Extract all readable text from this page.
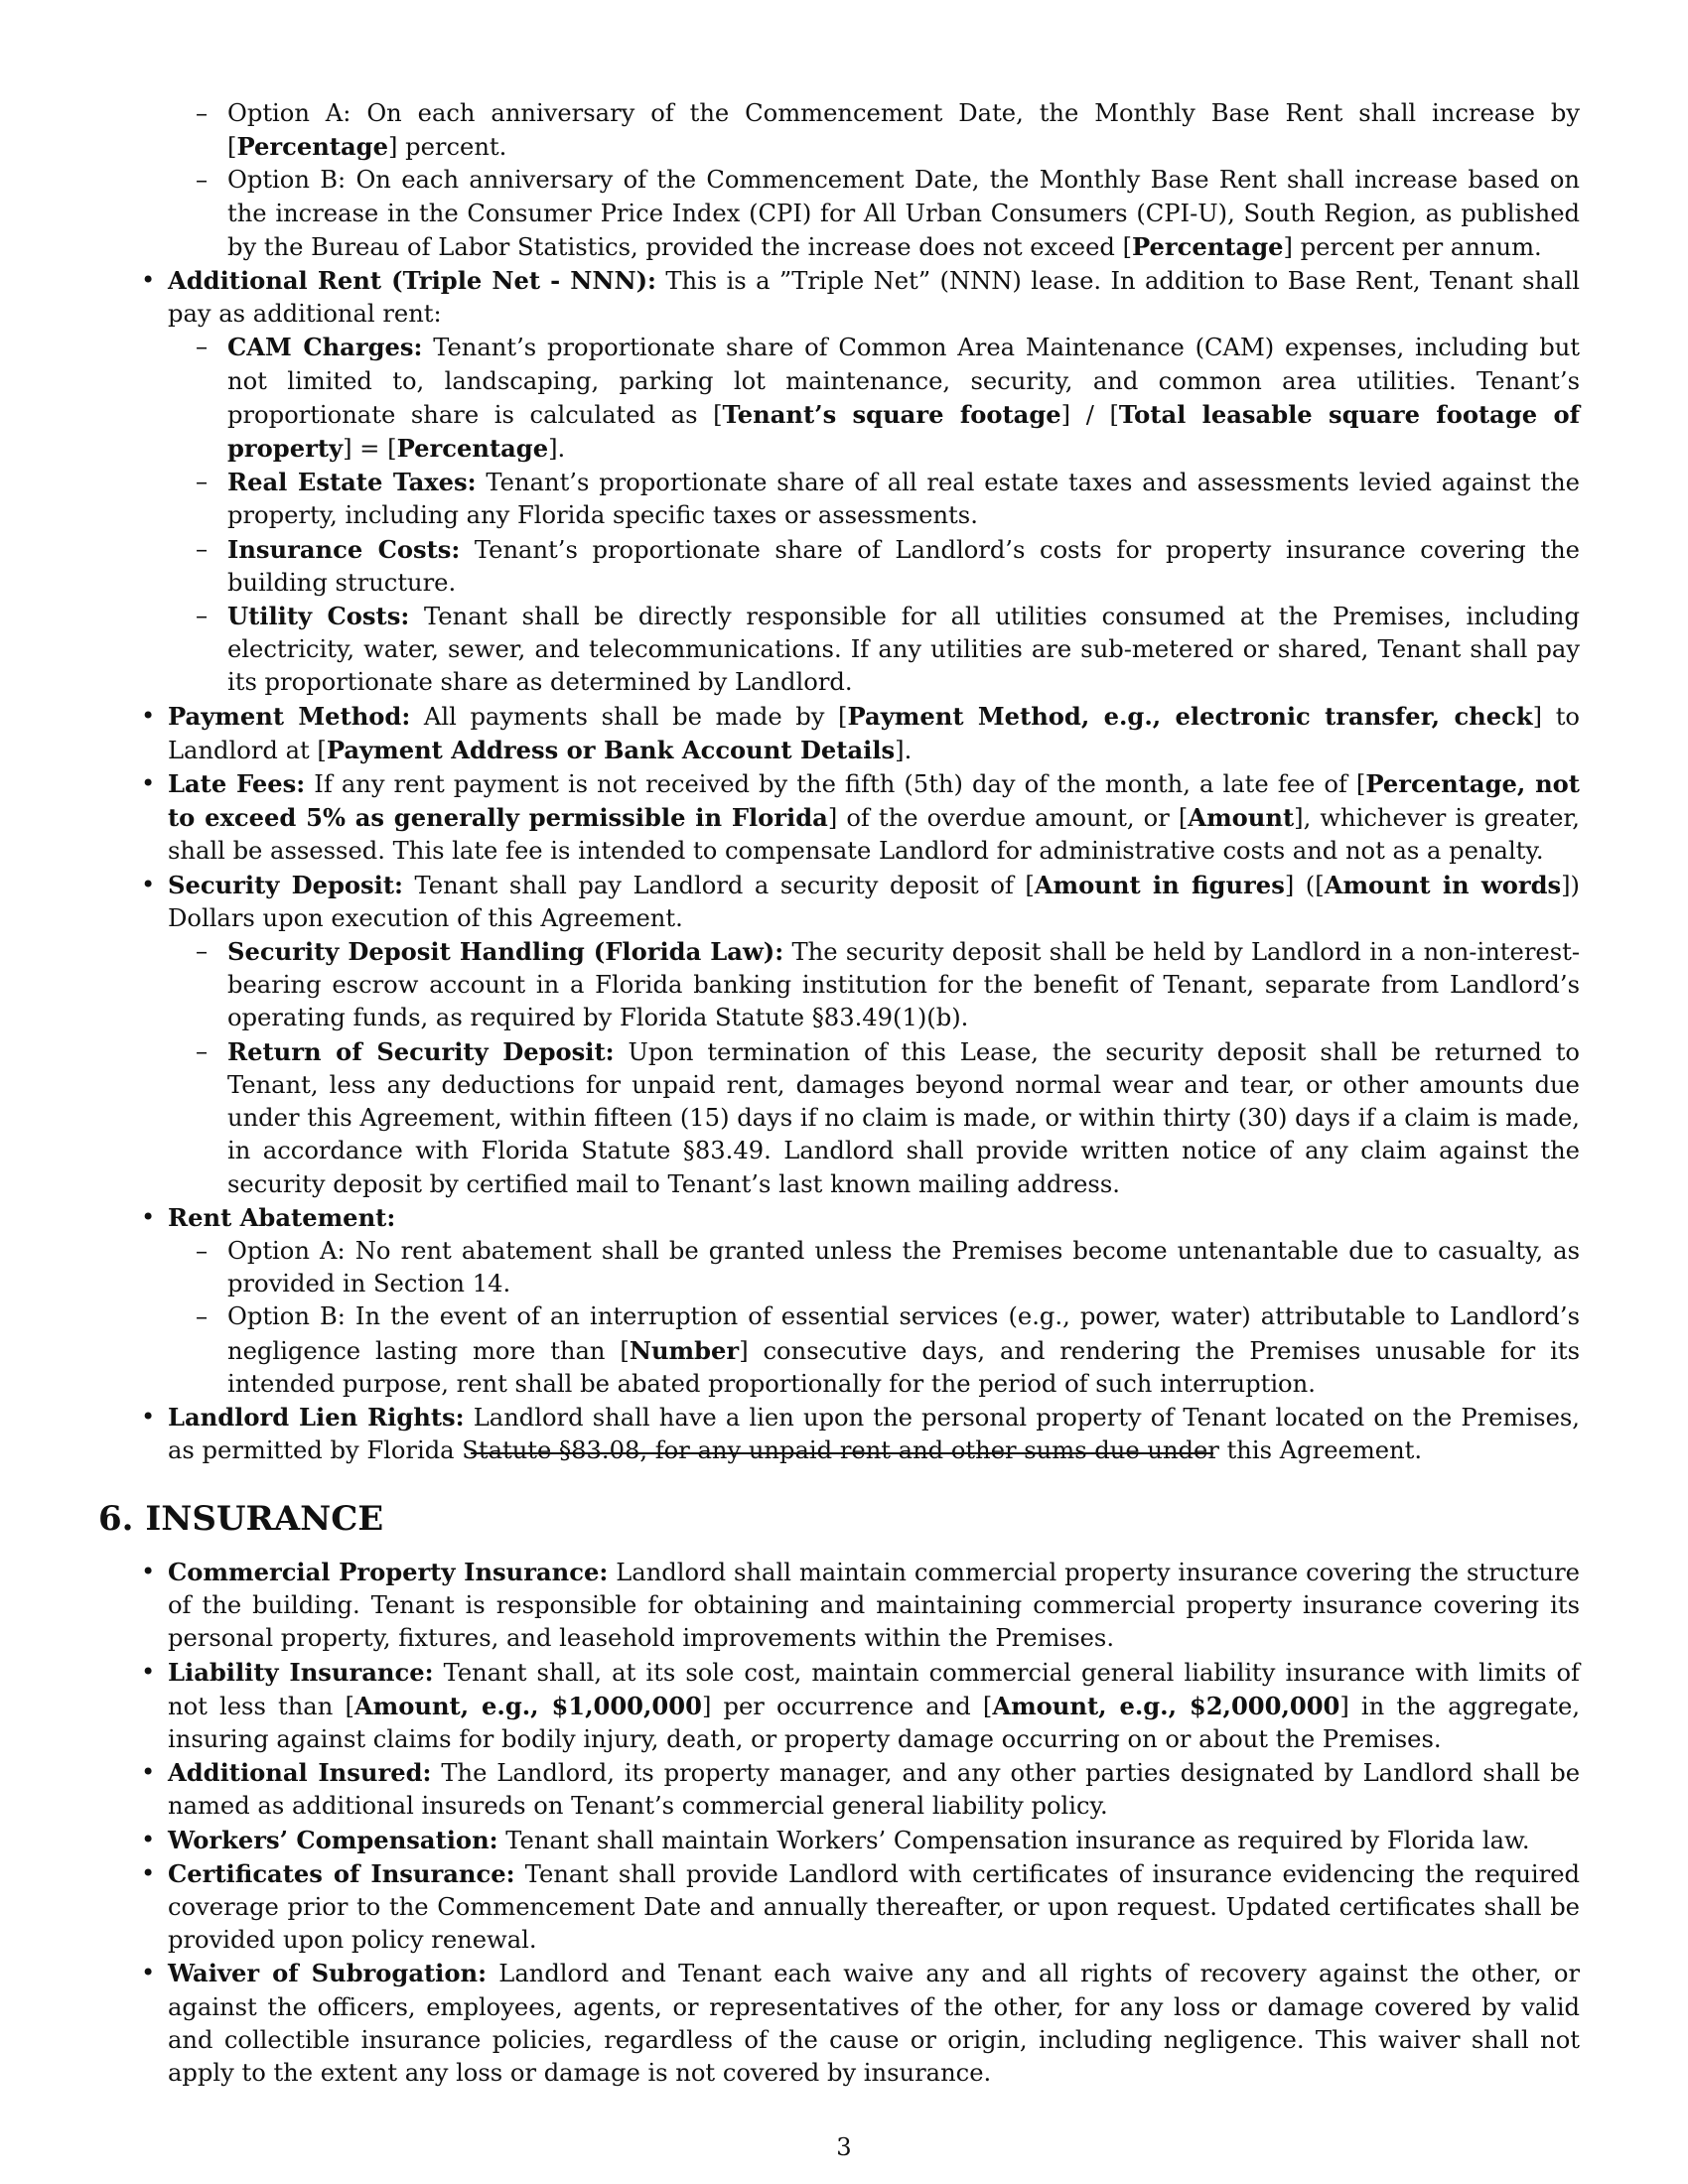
– Option A: On each anniversary of the Commencement Date, the Monthly Base Rent shall increase by [Percentage] percent.
– Option B: On each anniversary of the Commencement Date, the Monthly Base Rent shall increase based on the increase in the Consumer Price Index (CPI) for All Urban Consumers (CPI-U), South Region, as published by the Bureau of Labor Statistics, provided the increase does not exceed [Percentage] percent per annum.
• Additional Rent (Triple Net - NNN): This is a ”Triple Net” (NNN) lease. In addition to Base Rent, Tenant shall pay as additional rent:
– CAM Charges: Tenant’s proportionate share of Common Area Maintenance (CAM) expenses, including but not limited to, landscaping, parking lot maintenance, security, and common area utilities. Tenant’s proportionate share is calculated as [Tenant’s square footage] / [Total leasable square footage of property] = [Percentage].
– Real Estate Taxes: Tenant’s proportionate share of all real estate taxes and assessments levied against the property, including any Florida specific taxes or assessments.
– Insurance Costs: Tenant’s proportionate share of Landlord’s costs for property insurance covering the building structure.
– Utility Costs: Tenant shall be directly responsible for all utilities consumed at the Premises, including electricity, water, sewer, and telecommunications. If any utilities are sub-metered or shared, Tenant shall pay its proportionate share as determined by Landlord.
• Payment Method: All payments shall be made by [Payment Method, e.g., electronic transfer, check] to Landlord at [Payment Address or Bank Account Details].
• Late Fees: If any rent payment is not received by the fifth (5th) day of the month, a late fee of [Percentage, not to exceed 5% as generally permissible in Florida] of the overdue amount, or [Amount], whichever is greater, shall be assessed. This late fee is intended to compensate Landlord for administrative costs and not as a penalty.
• Security Deposit: Tenant shall pay Landlord a security deposit of [Amount in figures] ([Amount in words]) Dollars upon execution of this Agreement.
– Security Deposit Handling (Florida Law): The security deposit shall be held by Landlord in a non-interest-bearing escrow account in a Florida banking institution for the benefit of Tenant, separate from Landlord’s operating funds, as required by Florida Statute §83.49(1)(b).
– Return of Security Deposit: Upon termination of this Lease, the security deposit shall be returned to Tenant, less any deductions for unpaid rent, damages beyond normal wear and tear, or other amounts due under this Agreement, within fifteen (15) days if no claim is made, or within thirty (30) days if a claim is made, in accordance with Florida Statute §83.49. Landlord shall provide written notice of any claim against the security deposit by certified mail to Tenant’s last known mailing address.
• Rent Abatement:
– Option A: No rent abatement shall be granted unless the Premises become untenantable due to casualty, as provided in Section 14.
– Option B: In the event of an interruption of essential services (e.g., power, water) attributable to Landlord’s negligence lasting more than [Number] consecutive days, and rendering the Premises unusable for its intended purpose, rent shall be abated proportionally for the period of such interruption.
• Landlord Lien Rights: Landlord shall have a lien upon the personal property of Tenant located on the Premises, as permitted by Florida Statute §83.08, for any unpaid rent and other sums due under this Agreement.
6. INSURANCE
• Commercial Property Insurance: Landlord shall maintain commercial property insurance covering the structure of the building. Tenant is responsible for obtaining and maintaining commercial property insurance covering its personal property, fixtures, and leasehold improvements within the Premises.
• Liability Insurance: Tenant shall, at its sole cost, maintain commercial general liability insurance with limits of not less than [Amount, e.g., $1,000,000] per occurrence and [Amount, e.g., $2,000,000] in the aggregate, insuring against claims for bodily injury, death, or property damage occurring on or about the Premises.
• Additional Insured: The Landlord, its property manager, and any other parties designated by Landlord shall be named as additional insureds on Tenant’s commercial general liability policy.
• Workers’ Compensation: Tenant shall maintain Workers’ Compensation insurance as required by Florida law.
• Certificates of Insurance: Tenant shall provide Landlord with certificates of insurance evidencing the required coverage prior to the Commencement Date and annually thereafter, or upon request. Updated certificates shall be provided upon policy renewal.
• Waiver of Subrogation: Landlord and Tenant each waive any and all rights of recovery against the other, or against the officers, employees, agents, or representatives of the other, for any loss or damage covered by valid and collectible insurance policies, regardless of the cause or origin, including negligence. This waiver shall not apply to the extent any loss or damage is not covered by insurance.
3
